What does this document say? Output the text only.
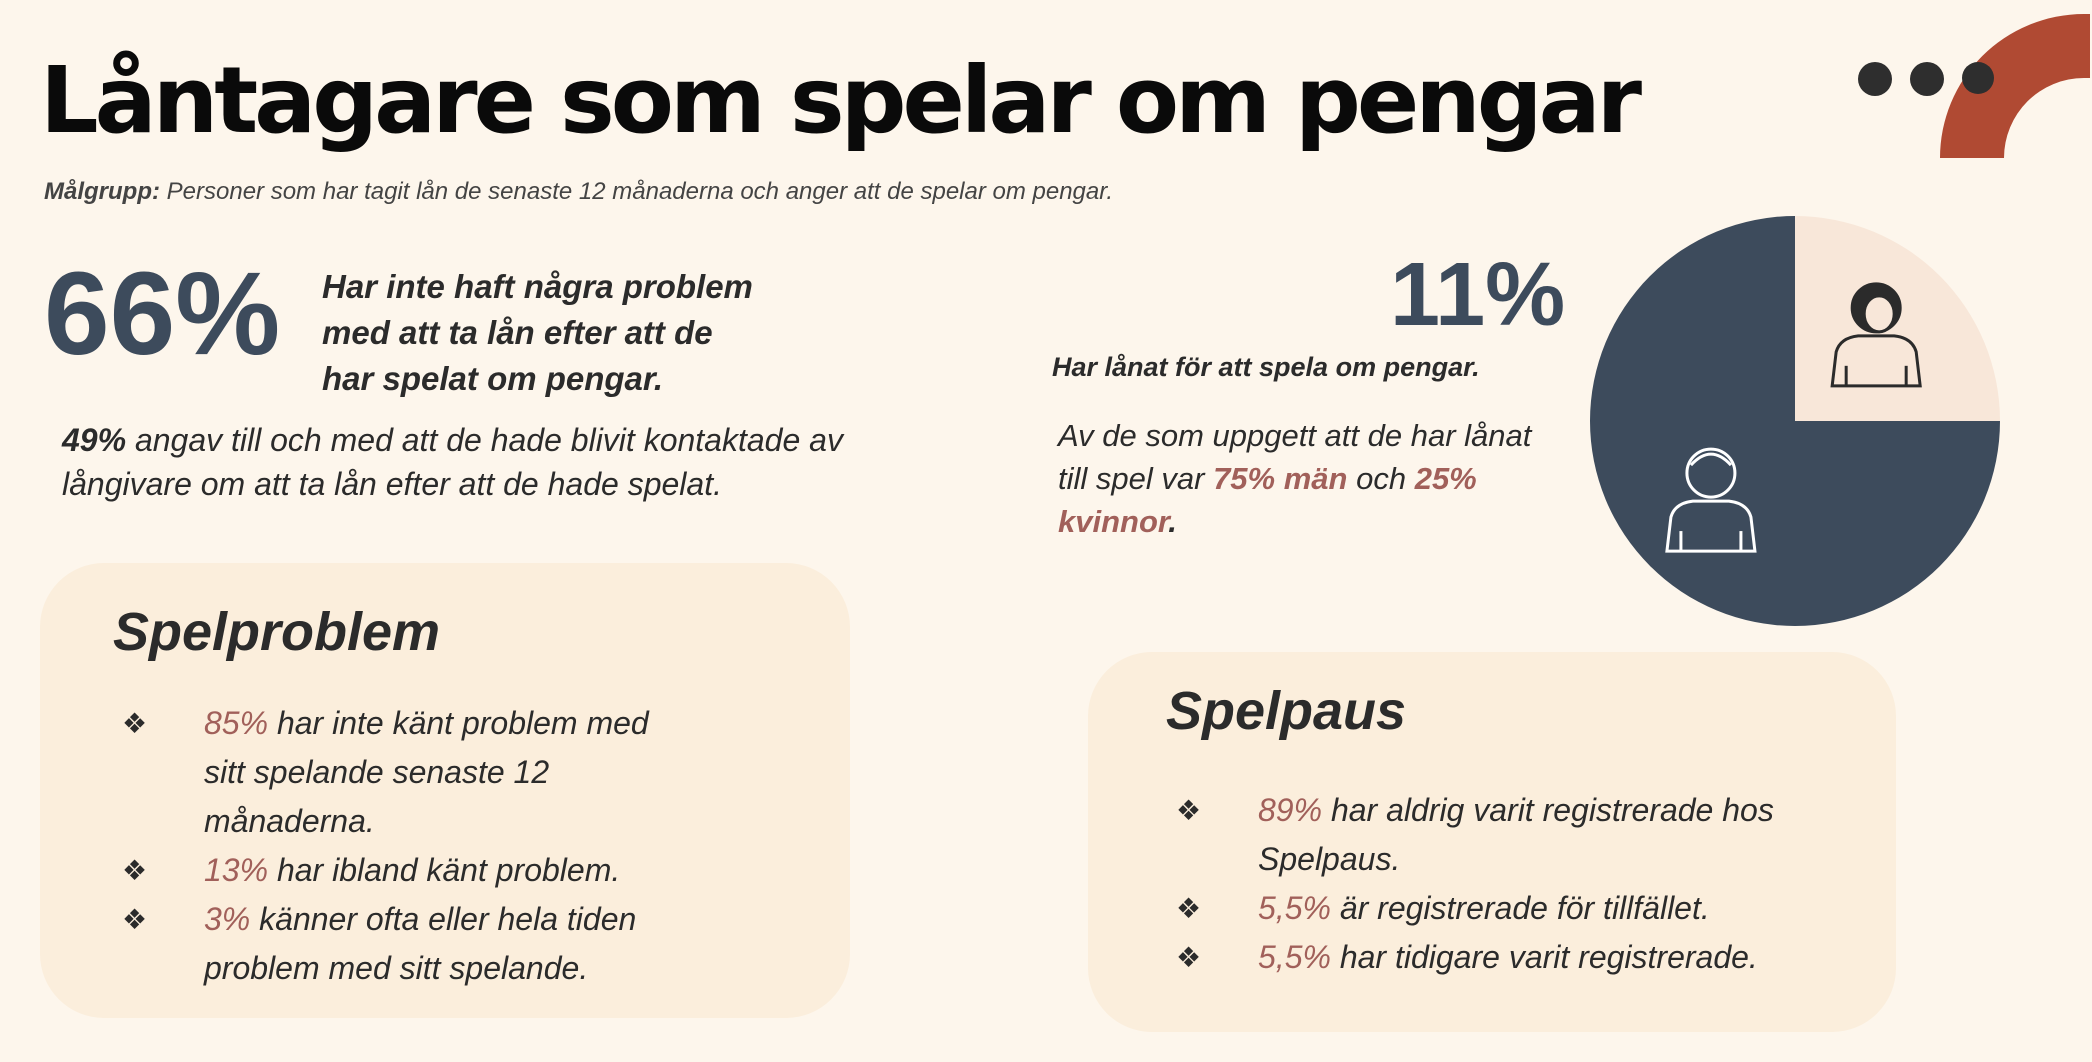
Låntagare som spelar om pengar
Målgrupp: Personer som har tagit lån de senaste 12 månaderna och anger att de spelar om pengar.
66% Har inte haft några problem
med att ta lån efter att de
har spelat om pengar.
49% angav till och med att de hade blivit kontaktade av
långivare om att ta lån efter att de hade spelat.
11%
Har lånat för att spela om pengar.
Av de som uppgett att de har lånat
till spel var 75% män och 25%
kvinnor.
Spelproblem
❖ 85% har inte känt problem med
sitt spelande senaste 12
månaderna.
❖ 13% har ibland känt problem.
❖ 3% känner ofta eller hela tiden
problem med sitt spelande.
Spelpaus
❖ 89% har aldrig varit registrerade hos
Spelpaus.
❖ 5,5% är registrerade för tillfället.
❖ 5,5% har tidigare varit registrerade.
